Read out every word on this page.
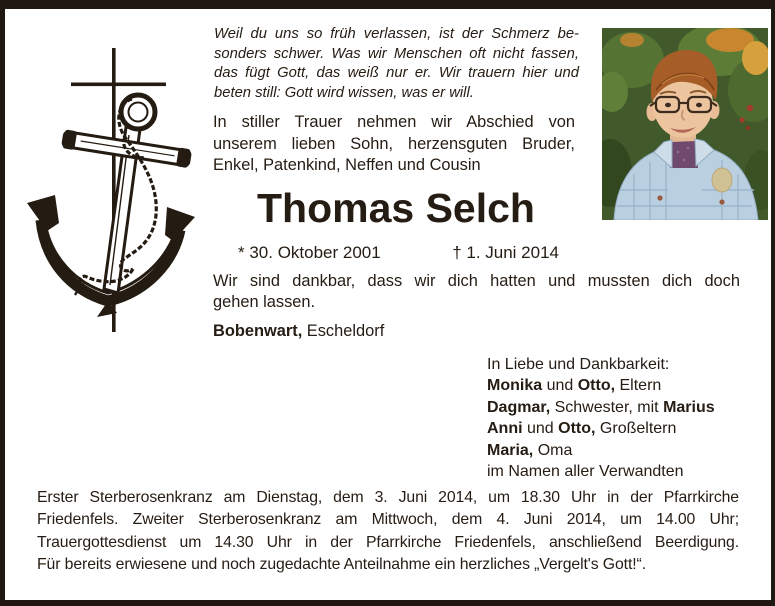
Weil du uns so früh verlassen, ist der Schmerz be-
sonders schwer. Was wir Menschen oft nicht fassen,
das fügt Gott, das weiß nur er. Wir trauern hier und
beten still: Gott wird wissen, was er will.
In stiller Trauer nehmen wir Abschied von
unserem lieben Sohn, herzensguten Bruder,
Enkel, Patenkind, Neffen und Cousin
Thomas Selch
* 30. Oktober 2001	† 1. Juni 2014
Wir sind dankbar, dass wir dich hatten und mussten dich doch
gehen lassen.
Bobenwart, Escheldorf
In Liebe und Dankbarkeit:
Monika und Otto, Eltern
Dagmar, Schwester, mit Marius
Anni und Otto, Großeltern
Maria, Oma
im Namen aller Verwandten
Erster Sterberosenkranz am Dienstag, dem 3. Juni 2014, um 18.30 Uhr in der Pfarrkirche
Friedenfels. Zweiter Sterberosenkranz am Mittwoch, dem 4. Juni 2014, um 14.00 Uhr;
Trauergottesdienst um 14.30 Uhr in der Pfarrkirche Friedenfels, anschließend Beerdigung.
Für bereits erwiesene und noch zugedachte Anteilnahme ein herzliches „Vergelt's Gott!“.
